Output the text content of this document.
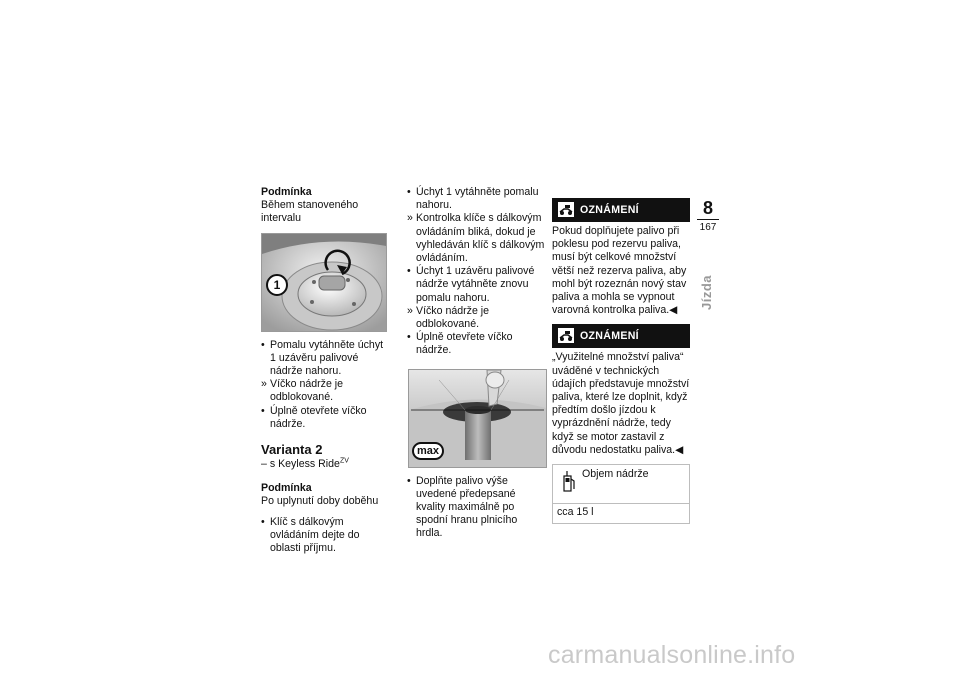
Podmínka

Během stanoveného intervalu

1
• Pomalu vytáhněte úchyt 1 uzávěru palivové nádrže nahoru.
» Víčko nádrže je odblokované.
• Úplně otevřete víčko nádrže.

Varianta 2

– s Keyless Ride$^{ZV}$

Podmínka

Po uplynutí doby doběhu

• Klíč s dálkovým ovládáním dejte do oblasti příjmu.
• Úchyt 1 vytáhněte pomalu nahoru.
» Kontrolka klíče s dálkovým ovládáním bliká, dokud je vyhledáván klíč s dálkovým ovládáním.
• Úchyt 1 uzávěru palivové nádrže vytáhněte znovu pomalu nahoru.
» Víčko nádrže je odblokované.
• Úplně otevřete víčko nádrže.
max
• Doplňte palivo výše uvedené předepsané kvality maximálně po spodní hranu plnicího hrdla.
OZNÁMENÍ

Pokud doplňujete palivo při poklesu pod rezervu paliva, musí být celkové množství větší než rezerva paliva, aby mohl být rozeznán nový stav paliva a mohla se vypnout varovná kontrolka paliva.◀

OZNÁMENÍ

„Využitelné množství paliva“ uváděné v technických údajích představuje množství paliva, které lze doplnit, když předtím došlo jízdou k vyprázdnění nádrže, tedy když se motor zastavil z důvodu nedostatku paliva.◀

Objem nádrže
cca 15 l
8
167
Jízda
carmanualsonline.info
